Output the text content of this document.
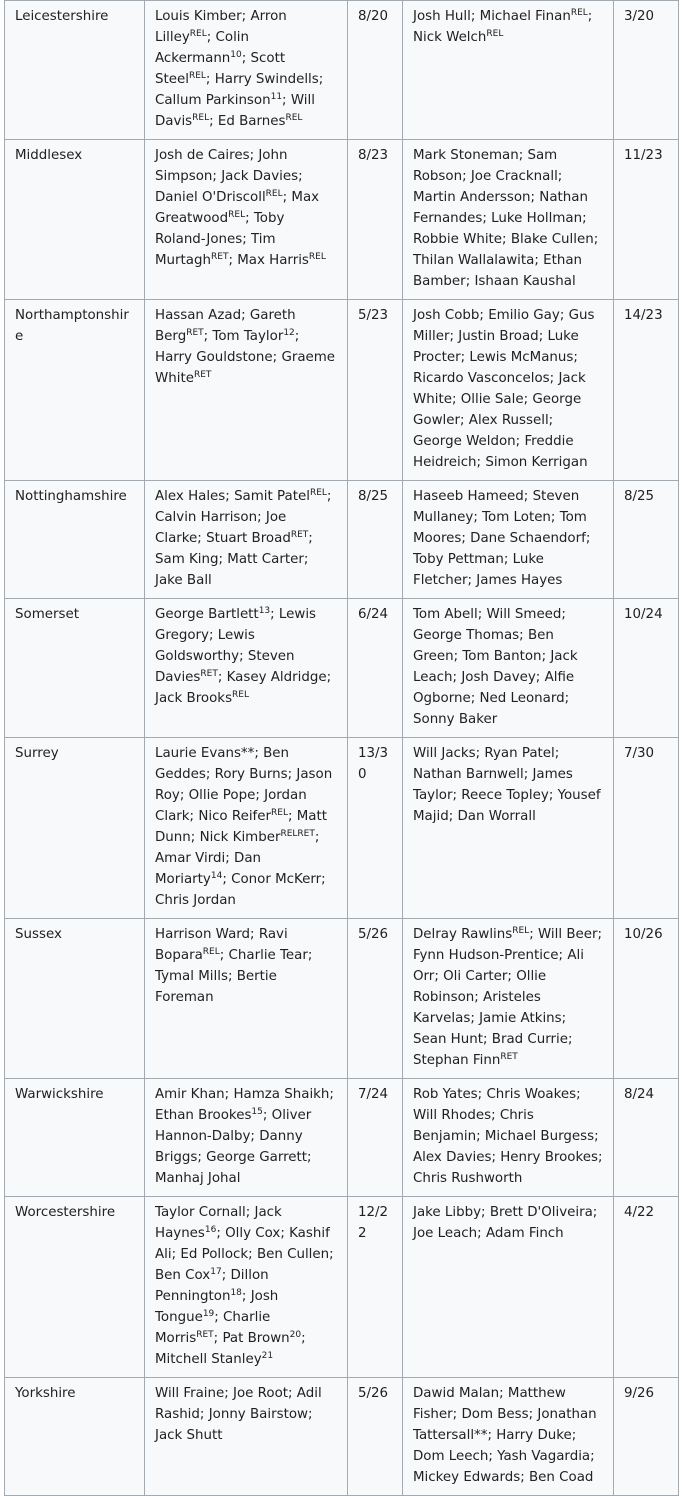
Leicestershire	Louis Kimber; Arron Lilley$^{REL}$; Colin Ackermann$^{10}$; Scott Steel$^{REL}$; Harry Swindells; Callum Parkinson$^{11}$; Will Davis$^{REL}$; Ed Barnes$^{REL}$	8/20	Josh Hull; Michael Finan$^{REL}$; Nick Welch$^{REL}$	3/20
Middlesex	Josh de Caires; John Simpson; Jack Davies; Daniel O'Driscoll$^{REL}$; Max Greatwood$^{REL}$; Toby Roland-Jones; Tim Murtagh$^{RET}$; Max Harris$^{REL}$	8/23	Mark Stoneman; Sam Robson; Joe Cracknall; Martin Andersson; Nathan Fernandes; Luke Hollman; Robbie White; Blake Cullen; Thilan Wallalawita; Ethan Bamber; Ishaan Kaushal	11/23
Northamptonshire	Hassan Azad; Gareth Berg$^{RET}$; Tom Taylor$^{12}$; Harry Gouldstone; Graeme White$^{RET}$	5/23	Josh Cobb; Emilio Gay; Gus Miller; Justin Broad; Luke Procter; Lewis McManus; Ricardo Vasconcelos; Jack White; Ollie Sale; George Gowler; Alex Russell; George Weldon; Freddie Heidreich; Simon Kerrigan	14/23
Nottinghamshire	Alex Hales; Samit Patel$^{REL}$; Calvin Harrison; Joe Clarke; Stuart Broad$^{RET}$; Sam King; Matt Carter; Jake Ball	8/25	Haseeb Hameed; Steven Mullaney; Tom Loten; Tom Moores; Dane Schaendorf; Toby Pettman; Luke Fletcher; James Hayes	8/25
Somerset	George Bartlett$^{13}$; Lewis Gregory; Lewis Goldsworthy; Steven Davies$^{RET}$; Kasey Aldridge; Jack Brooks$^{REL}$	6/24	Tom Abell; Will Smeed; George Thomas; Ben Green; Tom Banton; Jack Leach; Josh Davey; Alfie Ogborne; Ned Leonard; Sonny Baker	10/24
Surrey	Laurie Evans**; Ben Geddes; Rory Burns; Jason Roy; Ollie Pope; Jordan Clark; Nico Reifer$^{REL}$; Matt Dunn; Nick Kimber$^{RELRET}$; Amar Virdi; Dan Moriarty$^{14}$; Conor McKerr; Chris Jordan	13/30	Will Jacks; Ryan Patel; Nathan Barnwell; James Taylor; Reece Topley; Yousef Majid; Dan Worrall	7/30
Sussex	Harrison Ward; Ravi Bopara$^{REL}$; Charlie Tear; Tymal Mills; Bertie Foreman	5/26	Delray Rawlins$^{REL}$; Will Beer; Fynn Hudson-Prentice; Ali Orr; Oli Carter; Ollie Robinson; Aristeles Karvelas; Jamie Atkins; Sean Hunt; Brad Currie; Stephan Finn$^{RET}$	10/26
Warwickshire	Amir Khan; Hamza Shaikh; Ethan Brookes$^{15}$; Oliver Hannon-Dalby; Danny Briggs; George Garrett; Manhaj Johal	7/24	Rob Yates; Chris Woakes; Will Rhodes; Chris Benjamin; Michael Burgess; Alex Davies; Henry Brookes; Chris Rushworth	8/24
Worcestershire	Taylor Cornall; Jack Haynes$^{16}$; Olly Cox; Kashif Ali; Ed Pollock; Ben Cullen; Ben Cox$^{17}$; Dillon Pennington$^{18}$; Josh Tongue$^{19}$; Charlie Morris$^{RET}$; Pat Brown$^{20}$; Mitchell Stanley$^{21}$	12/22	Jake Libby; Brett D'Oliveira; Joe Leach; Adam Finch	4/22
Yorkshire	Will Fraine; Joe Root; Adil Rashid; Jonny Bairstow; Jack Shutt	5/26	Dawid Malan; Matthew Fisher; Dom Bess; Jonathan Tattersall**; Harry Duke; Dom Leech; Yash Vagardia; Mickey Edwards; Ben Coad	9/26
